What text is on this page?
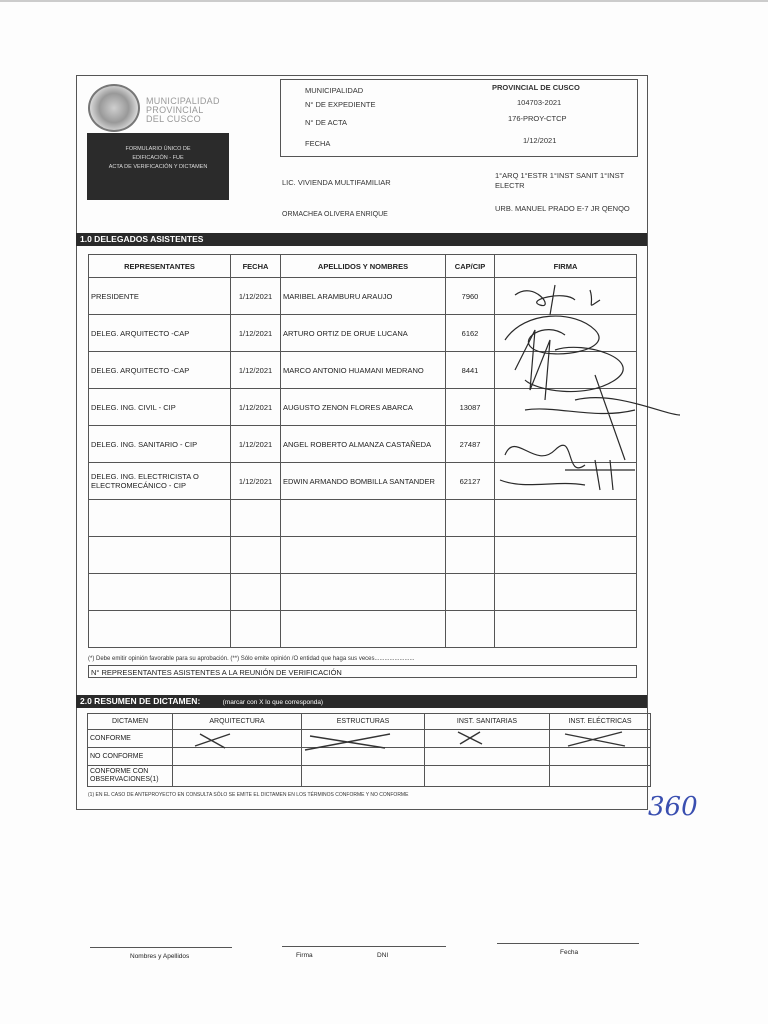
MUNICIPALIDAD
PROVINCIAL
DEL CUSCO
FORMULARIO ÚNICO DE
EDIFICACIÓN - FUE
ACTA DE VERIFICACIÓN Y DICTAMEN
MUNICIPALIDAD	PROVINCIAL DE CUSCO
N° DE EXPEDIENTE	104703-2021
N° DE ACTA	176-PROY-CTCP
FECHA	1/12/2021
LIC. VIVIENDA MULTIFAMILIAR
1°ARQ 1°ESTR 1°INST SANIT 1°INST ELECTR
ORMACHEA OLIVERA ENRIQUE
URB. MANUEL PRADO E-7 JR QENQO
1.0 DELEGADOS ASISTENTES
REPRESENTANTES	FECHA	APELLIDOS Y NOMBRES	CAP/CIP	FIRMA
PRESIDENTE	1/12/2021	MARIBEL ARAMBURU ARAUJO	7960	
DELEG. ARQUITECTO -CAP	1/12/2021	ARTURO ORTIZ DE ORUE LUCANA	6162	
DELEG. ARQUITECTO -CAP	1/12/2021	MARCO ANTONIO HUAMANI MEDRANO	8441	
DELEG. ING. CIVIL - CIP	1/12/2021	AUGUSTO ZENON FLORES ABARCA	13087	
DELEG. ING. SANITARIO - CIP	1/12/2021	ANGEL ROBERTO ALMANZA CASTAÑEDA	27487	
DELEG. ING. ELECTRICISTA O ELECTROMECÁNICO - CIP	1/12/2021	EDWIN ARMANDO BOMBILLA SANTANDER	62127	

(*) Debe emitir opinión favorable para su aprobación. (**) Sólo emite opinión /O entidad que haga sus veces........................
N° REPRESENTANTES ASISTENTES A LA REUNIÓN DE VERIFICACIÓN
2.0 RESUMEN DE DICTAMEN:	(marcar con X lo que corresponda)
DICTAMEN	ARQUITECTURA	ESTRUCTURAS	INST. SANITARIAS	INST. ELÉCTRICAS
CONFORME				
NO CONFORME				
CONFORME CON OBSERVACIONES(1)				
(1) EN EL CASO DE ANTEPROYECTO EN CONSULTA SÓLO SE EMITE EL DICTAMEN EN LOS TÉRMINOS CONFORME Y NO CONFORME	360
Nombres y Apellidos	Firma	DNI	Fecha
